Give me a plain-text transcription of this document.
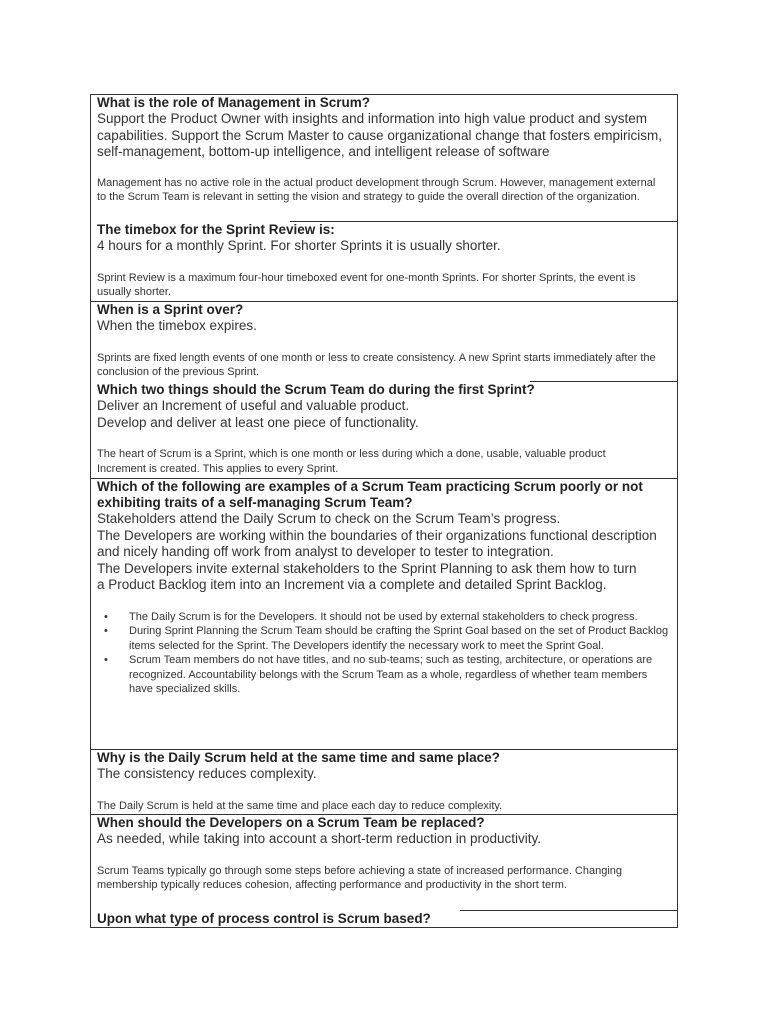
What is the role of Management in Scrum?

Support the Product Owner with insights and information into high value product and system capabilities. Support the Scrum Master to cause organizational change that fosters empiricism, self-management, bottom-up intelligence, and intelligent release of software

Management has no active role in the actual product development through Scrum. However, management external to the Scrum Team is relevant in setting the vision and strategy to guide the overall direction of the organization.

The timebox for the Sprint Review is:

4 hours for a monthly Sprint. For shorter Sprints it is usually shorter.

Sprint Review is a maximum four-hour timeboxed event for one-month Sprints. For shorter Sprints, the event is usually shorter.

When is a Sprint over?

When the timebox expires.

Sprints are fixed length events of one month or less to create consistency. A new Sprint starts immediately after the conclusion of the previous Sprint.

Which two things should the Scrum Team do during the first Sprint?

Deliver an Increment of useful and valuable product.

Develop and deliver at least one piece of functionality.

The heart of Scrum is a Sprint, which is one month or less during which a done, usable, valuable product Increment is created. This applies to every Sprint.

Which of the following are examples of a Scrum Team practicing Scrum poorly or not exhibiting traits of a self-managing Scrum Team?

Stakeholders attend the Daily Scrum to check on the Scrum Team’s progress.

The Developers are working within the boundaries of their organizations functional description and nicely handing off work from analyst to developer to tester to integration.

The Developers invite external stakeholders to the Sprint Planning to ask them how to turn a Product Backlog item into an Increment via a complete and detailed Sprint Backlog.

• The Daily Scrum is for the Developers. It should not be used by external stakeholders to check progress.
• During Sprint Planning the Scrum Team should be crafting the Sprint Goal based on the set of Product Backlog items selected for the Sprint. The Developers identify the necessary work to meet the Sprint Goal.
• Scrum Team members do not have titles, and no sub-teams; such as testing, architecture, or operations are recognized. Accountability belongs with the Scrum Team as a whole, regardless of whether team members have specialized skills.

Why is the Daily Scrum held at the same time and same place?

The consistency reduces complexity.

The Daily Scrum is held at the same time and place each day to reduce complexity.

When should the Developers on a Scrum Team be replaced?

As needed, while taking into account a short-term reduction in productivity.

Scrum Teams typically go through some steps before achieving a state of increased performance. Changing membership typically reduces cohesion, affecting performance and productivity in the short term.

Upon what type of process control is Scrum based?
